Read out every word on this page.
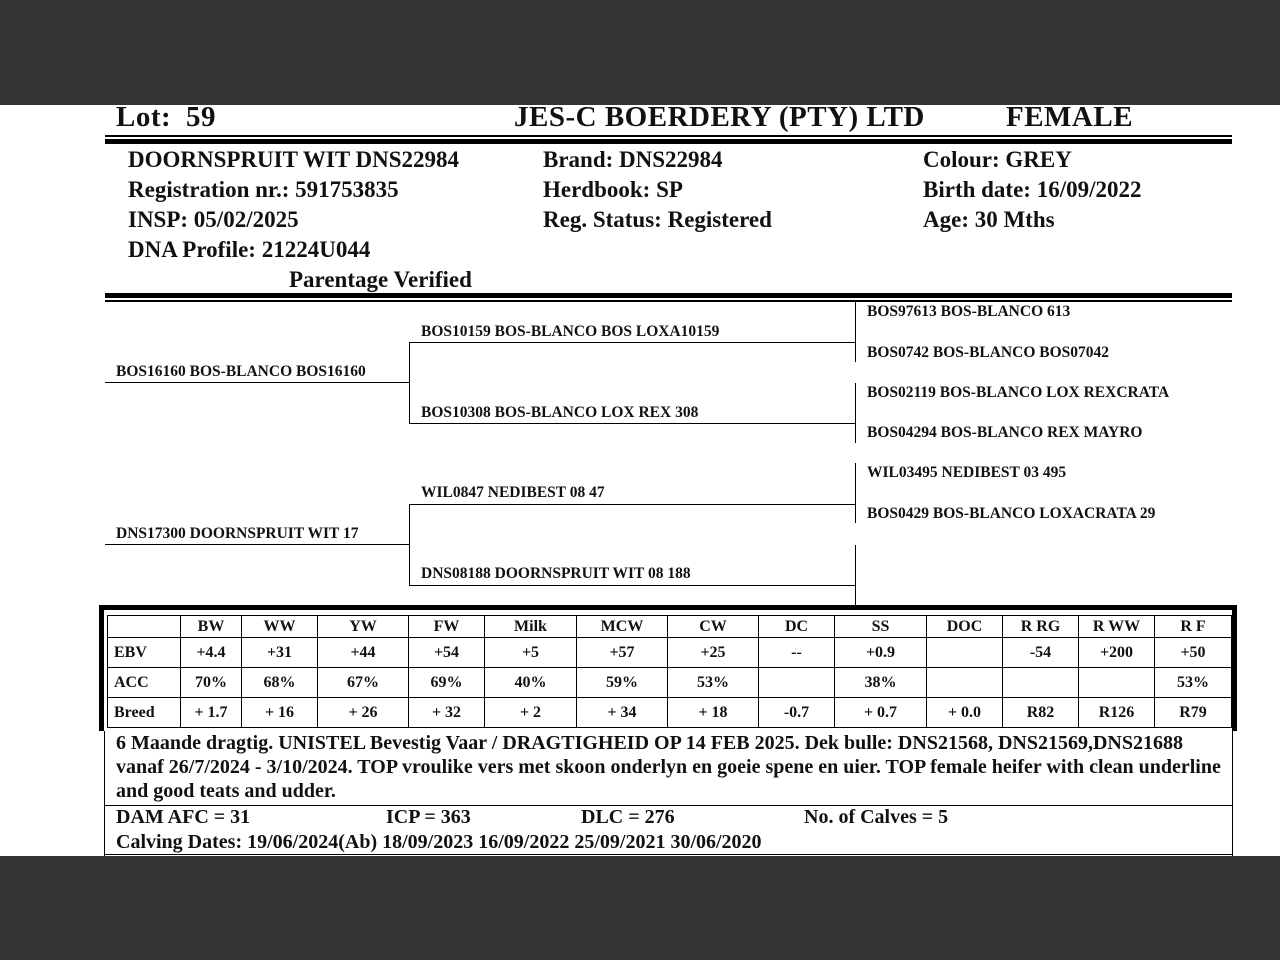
Lot: 59	JES-C BOERDERY (PTY) LTD	FEMALE
DOORNSPRUIT WIT DNS22984
Registration nr.: 591753835
INSP: 05/02/2025
DNA Profile: 21224U044
Parentage Verified
Brand: DNS22984
Herdbook: SP
Reg. Status: Registered
Colour: GREY
Birth date: 16/09/2022
Age: 30 Mths
BOS16160 BOS-BLANCO BOS16160
DNS17300 DOORNSPRUIT WIT 17
BOS10159 BOS-BLANCO BOS LOXA10159
BOS10308 BOS-BLANCO LOX REX 308
WIL0847 NEDIBEST 08 47
DNS08188 DOORNSPRUIT WIT 08 188
BOS97613 BOS-BLANCO 613
BOS0742 BOS-BLANCO BOS07042
BOS02119 BOS-BLANCO LOX REXCRATA
BOS04294 BOS-BLANCO REX MAYRO
WIL03495 NEDIBEST 03 495
BOS0429 BOS-BLANCO LOXACRATA 29
	BW	WW	YW	FW	Milk	MCW	CW	DC	SS	DOC	R RG	R WW	R F
EBV	+4.4	+31	+44	+54	+5	+57	+25	--	+0.9		-54	+200	+50
ACC	70%	68%	67%	69%	40%	59%	53%		38%				53%
Breed	+ 1.7	+ 16	+ 26	+ 32	+ 2	+ 34	+ 18	-0.7	+ 0.7	+ 0.0	R82	R126	R79
6 Maande dragtig. UNISTEL Bevestig Vaar / DRAGTIGHEID OP 14 FEB 2025. Dek bulle: DNS21568, DNS21569,DNS21688 vanaf 26/7/2024 - 3/10/2024. TOP vroulike vers met skoon onderlyn en goeie spene en uier. TOP female heifer with clean underline and good teats and udder.
DAM AFC = 31	ICP = 363	DLC = 276	No. of Calves = 5
Calving Dates: 19/06/2024(Ab) 18/09/2023 16/09/2022 25/09/2021 30/06/2020
